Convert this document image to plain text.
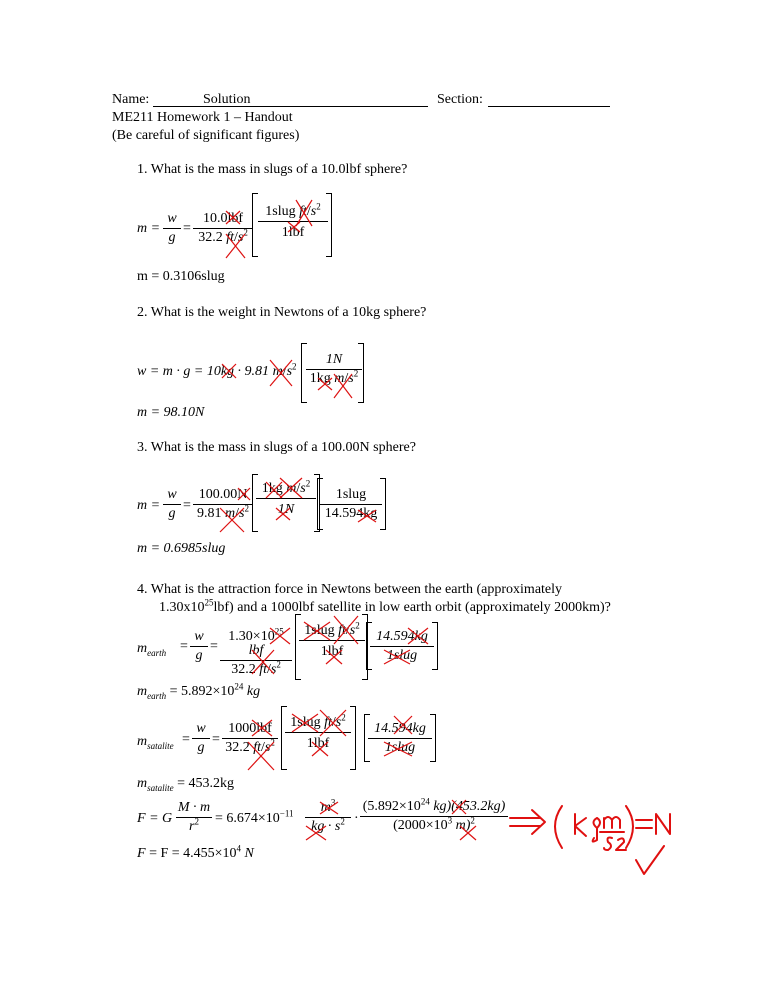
Name:	Solution	Section:
ME211 Homework 1 – Handout
(Be careful of significant figures)
1. What is the mass in slugs of a 10.0lbf sphere?
m =
w
g
=
10.0lbf
32.2 $ft/s^2$
1slug $ft/s^2$
1lbf
m = 0.3106slug
2. What is the weight in Newtons of a 10kg sphere?
w = m · g = 10kg · 9.81 $m/s^2$	1N
1kg $m/s^2$
m = 98.10N
3. What is the mass in slugs of a 100.00N sphere?
m =
w
g
=
100.00N
9.81 $m/s^2$
1kg $m/s^2$
1N
1slug
14.594kg
m = 0.6985slug
4. What is the attraction force in Newtons between the earth (approximately
$1.30x10^{25}lbf$) and a 1000lbf satellite in low earth orbit (approximately 2000km)?
$m_{earth}$ =
w
g
=
$1.30\times 10^{25}$ lbf
32.2 $ft/s^2$
1slug $ft/s^2$
1lbf
14.594kg
1slug
$m_{earth} = 5.892\times 10^{24}$ kg
$m_{satalite}$ =
w
g
=
1000lbf
32.2 $ft/s^2$
1slug $ft/s^2$
1lbf
14.594kg
1slug
$m_{satalite} = 453.2kg$
F = G
M · m
$r^2$	= $6.674\times 10^{-11}$	$m^3$
kg · $s^2$ ·
($5.892\times 10^{24}$ kg)(453.2kg)
($2000\times 10^3$ m)$^2$
$F = F = 4.455\times 10^4$ N
